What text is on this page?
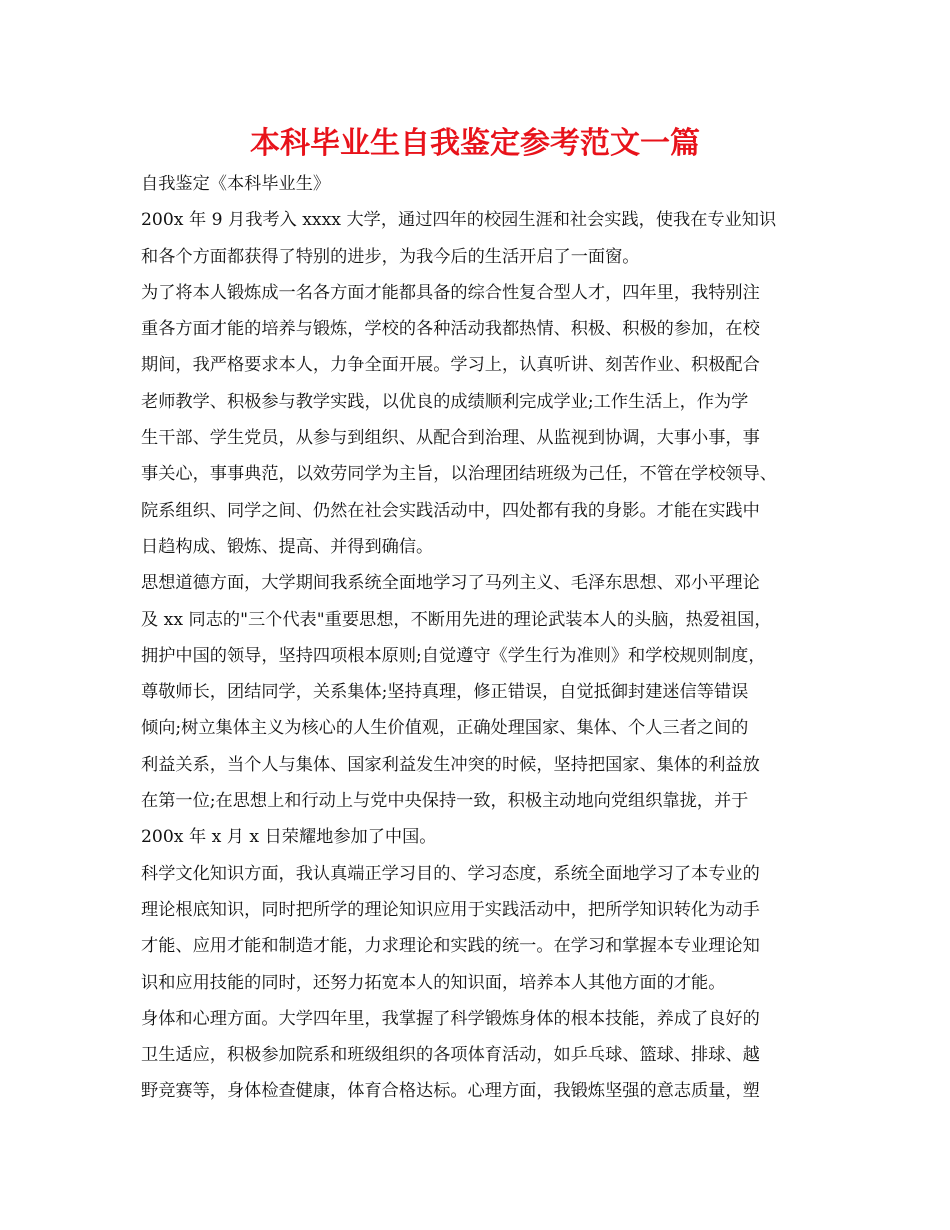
本科毕业生自我鉴定参考范文一篇
自我鉴定《本科毕业生》
200x 年 9 月我考入 xxxx 大学，通过四年的校园生涯和社会实践，使我在专业知识
和各个方面都获得了特别的进步，为我今后的生活开启了一面窗。
为了将本人锻炼成一名各方面才能都具备的综合性复合型人才，四年里，我特别注
重各方面才能的培养与锻炼，学校的各种活动我都热情、积极、积极的参加，在校
期间，我严格要求本人，力争全面开展。学习上，认真听讲、刻苦作业、积极配合
老师教学、积极参与教学实践，以优良的成绩顺利完成学业;工作生活上，作为学
生干部、学生党员，从参与到组织、从配合到治理、从监视到协调，大事小事，事
事关心，事事典范，以效劳同学为主旨，以治理团结班级为己任，不管在学校领导、
院系组织、同学之间、仍然在社会实践活动中，四处都有我的身影。才能在实践中
日趋构成、锻炼、提高、并得到确信。
思想道德方面，大学期间我系统全面地学习了马列主义、毛泽东思想、邓小平理论
及 xx 同志的"三个代表"重要思想，不断用先进的理论武装本人的头脑，热爱祖国，
拥护中国的领导，坚持四项根本原则;自觉遵守《学生行为准则》和学校规则制度，
尊敬师长，团结同学，关系集体;坚持真理，修正错误，自觉抵御封建迷信等错误
倾向;树立集体主义为核心的人生价值观，正确处理国家、集体、个人三者之间的
利益关系，当个人与集体、国家利益发生冲突的时候，坚持把国家、集体的利益放
在第一位;在思想上和行动上与党中央保持一致，积极主动地向党组织靠拢，并于
200x 年 x 月 x 日荣耀地参加了中国。
科学文化知识方面，我认真端正学习目的、学习态度，系统全面地学习了本专业的
理论根底知识，同时把所学的理论知识应用于实践活动中，把所学知识转化为动手
才能、应用才能和制造才能，力求理论和实践的统一。在学习和掌握本专业理论知
识和应用技能的同时，还努力拓宽本人的知识面，培养本人其他方面的才能。
身体和心理方面。大学四年里，我掌握了科学锻炼身体的根本技能，养成了良好的
卫生适应，积极参加院系和班级组织的各项体育活动，如乒乓球、篮球、排球、越
野竞赛等，身体检查健康，体育合格达标。心理方面，我锻炼坚强的意志质量，塑
